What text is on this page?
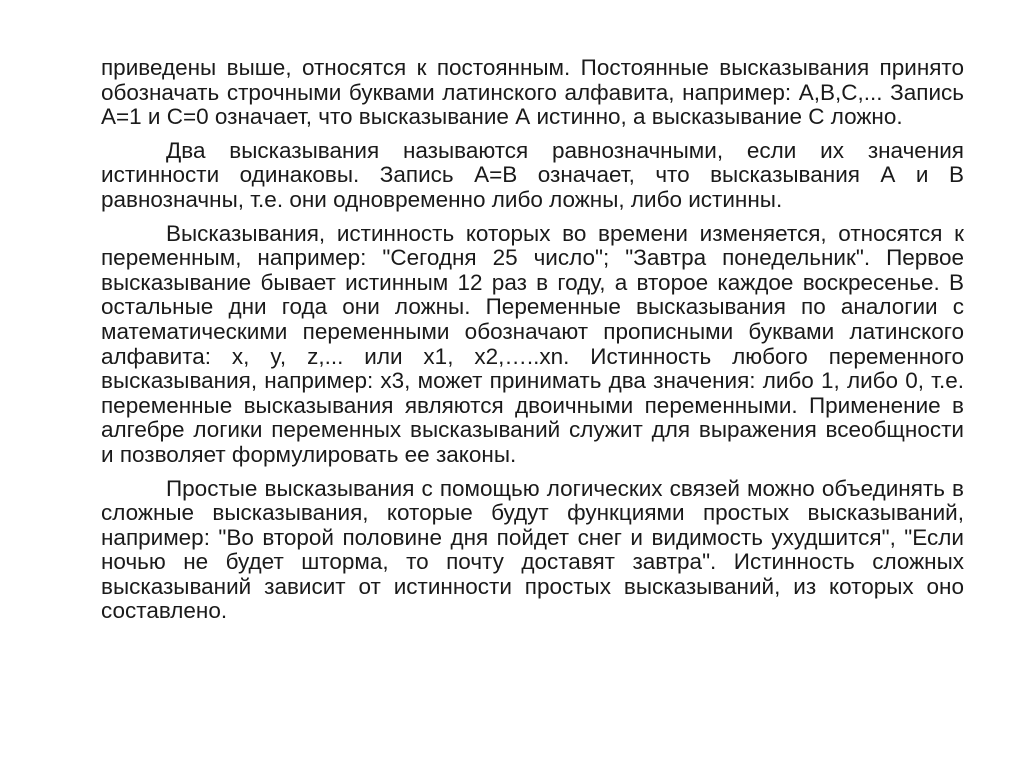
приведены выше, относятся к постоянным. Постоянные высказывания принято обозначать строчными буквами латинского алфавита, например: A,B,C,... Запись А=1 и С=0 означает, что высказывание А истинно, а высказывание С ложно.

Два высказывания называются равнозначными, если их значения истинности одинаковы. Запись А=В означает, что высказывания А и В равнозначны, т.е. они одновременно либо ложны, либо истинны.

Высказывания, истинность которых во времени изменяется, относятся к переменным, например: "Сегодня 25 число"; "Завтра понедельник". Первое высказывание бывает истинным 12 раз в году, а второе каждое воскресенье. В остальные дни года они ложны. Переменные высказывания по аналогии с математическими переменными обозначают прописными буквами латинского алфавита: x, y, z,... или x1, x2,…..xn. Истинность любого переменного высказывания, например: x3, может принимать два значения: либо 1, либо 0, т.е. переменные высказывания являются двоичными переменными. Применение в алгебре логики переменных высказываний служит для выражения всеобщности и позволяет формулировать ее законы.

Простые высказывания с помощью логических связей можно объединять в сложные высказывания, которые будут функциями простых высказываний, например: "Во второй половине дня пойдет снег и видимость ухудшится", "Если ночью не будет шторма, то почту доставят завтра". Истинность сложных высказываний зависит от истинности простых высказываний, из которых оно составлено.
